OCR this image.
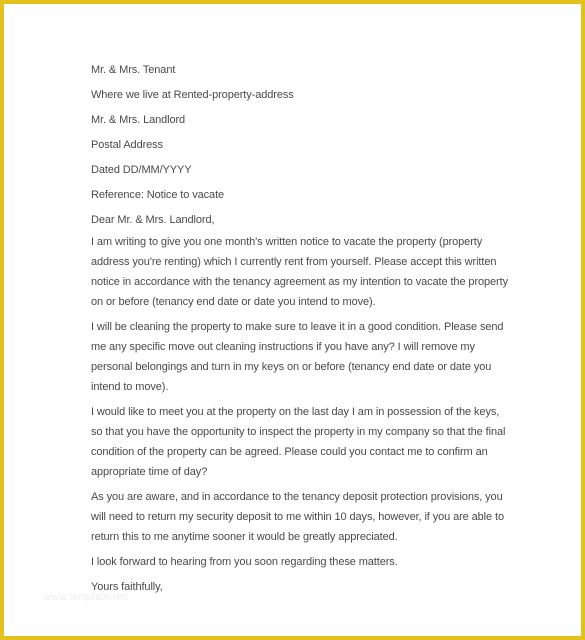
Mr. & Mrs. Tenant
Where we live at Rented-property-address
Mr. & Mrs. Landlord
Postal Address
Dated DD/MM/YYYY
Reference: Notice to vacate
Dear Mr. & Mrs. Landlord,
I am writing to give you one month's written notice to vacate the property (property address you're renting) which I currently rent from yourself. Please accept this written notice in accordance with the tenancy agreement as my intention to vacate the property on or before (tenancy end date or date you intend to move).
I will be cleaning the property to make sure to leave it in a good condition. Please send me any specific move out cleaning instructions if you have any? I will remove my personal belongings and turn in my keys on or before (tenancy end date or date you intend to move).
I would like to meet you at the property on the last day I am in possession of the keys, so that you have the opportunity to inspect the property in my company so that the final condition of the property can be agreed. Please could you contact me to confirm an appropriate time of day?
As you are aware, and in accordance to the tenancy deposit protection provisions, you will need to return my security deposit to me within 10 days, however, if you are able to return this to me anytime sooner it would be greatly appreciated.
I look forward to hearing from you soon regarding these matters.
Yours faithfully,
www.template.net
